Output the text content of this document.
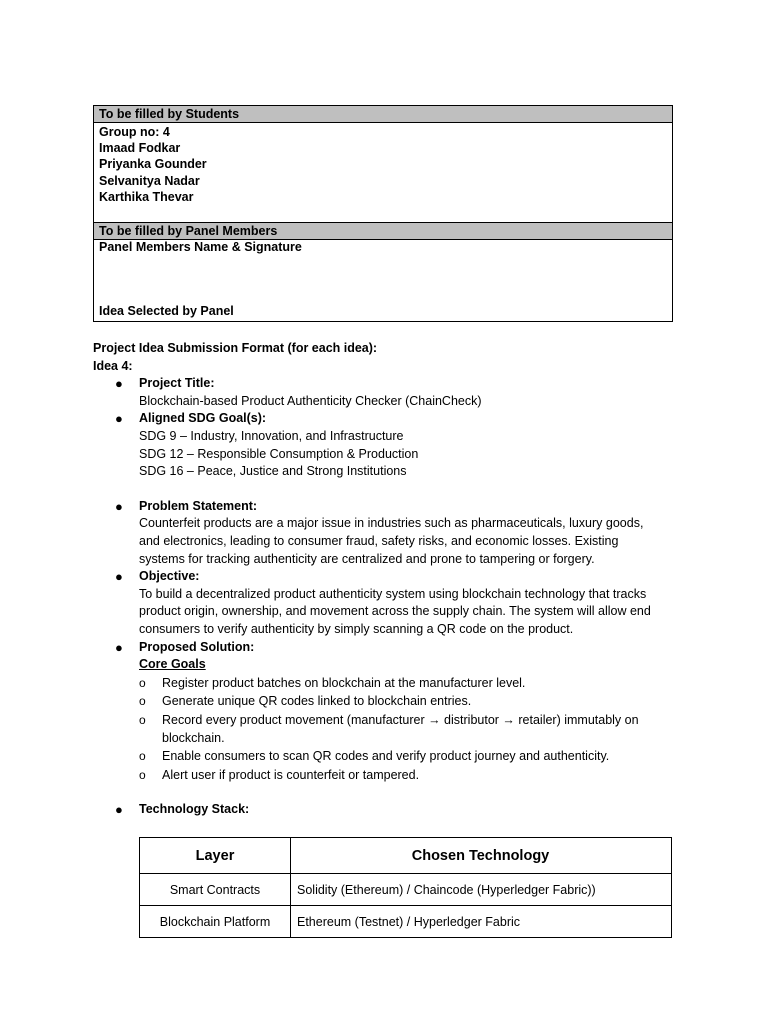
To be filled by Students
Group no: 4
Imaad Fodkar
Priyanka Gounder
Selvanitya Nadar
Karthika Thevar
To be filled by Panel Members
Panel Members Name & Signature
Idea Selected by Panel
Project Idea Submission Format (for each idea):
Idea 4:
● Project Title:
Blockchain-based Product Authenticity Checker (ChainCheck)
● Aligned SDG Goal(s):
SDG 9 – Industry, Innovation, and Infrastructure
SDG 12 – Responsible Consumption & Production
SDG 16 – Peace, Justice and Strong Institutions
● Problem Statement:
Counterfeit products are a major issue in industries such as pharmaceuticals, luxury goods,
and electronics, leading to consumer fraud, safety risks, and economic losses. Existing
systems for tracking authenticity are centralized and prone to tampering or forgery.
● Objective:
To build a decentralized product authenticity system using blockchain technology that tracks
product origin, ownership, and movement across the supply chain. The system will allow end
consumers to verify authenticity by simply scanning a QR code on the product.
● Proposed Solution:
Core Goals
o Register product batches on blockchain at the manufacturer level.
o Generate unique QR codes linked to blockchain entries.
o Record every product movement (manufacturer → distributor → retailer) immutably on
blockchain.
o Enable consumers to scan QR codes and verify product journey and authenticity.
o Alert user if product is counterfeit or tampered.
● Technology Stack:
Layer	Chosen Technology
Smart Contracts	Solidity (Ethereum) / Chaincode (Hyperledger Fabric))
Blockchain Platform	Ethereum (Testnet) / Hyperledger Fabric
